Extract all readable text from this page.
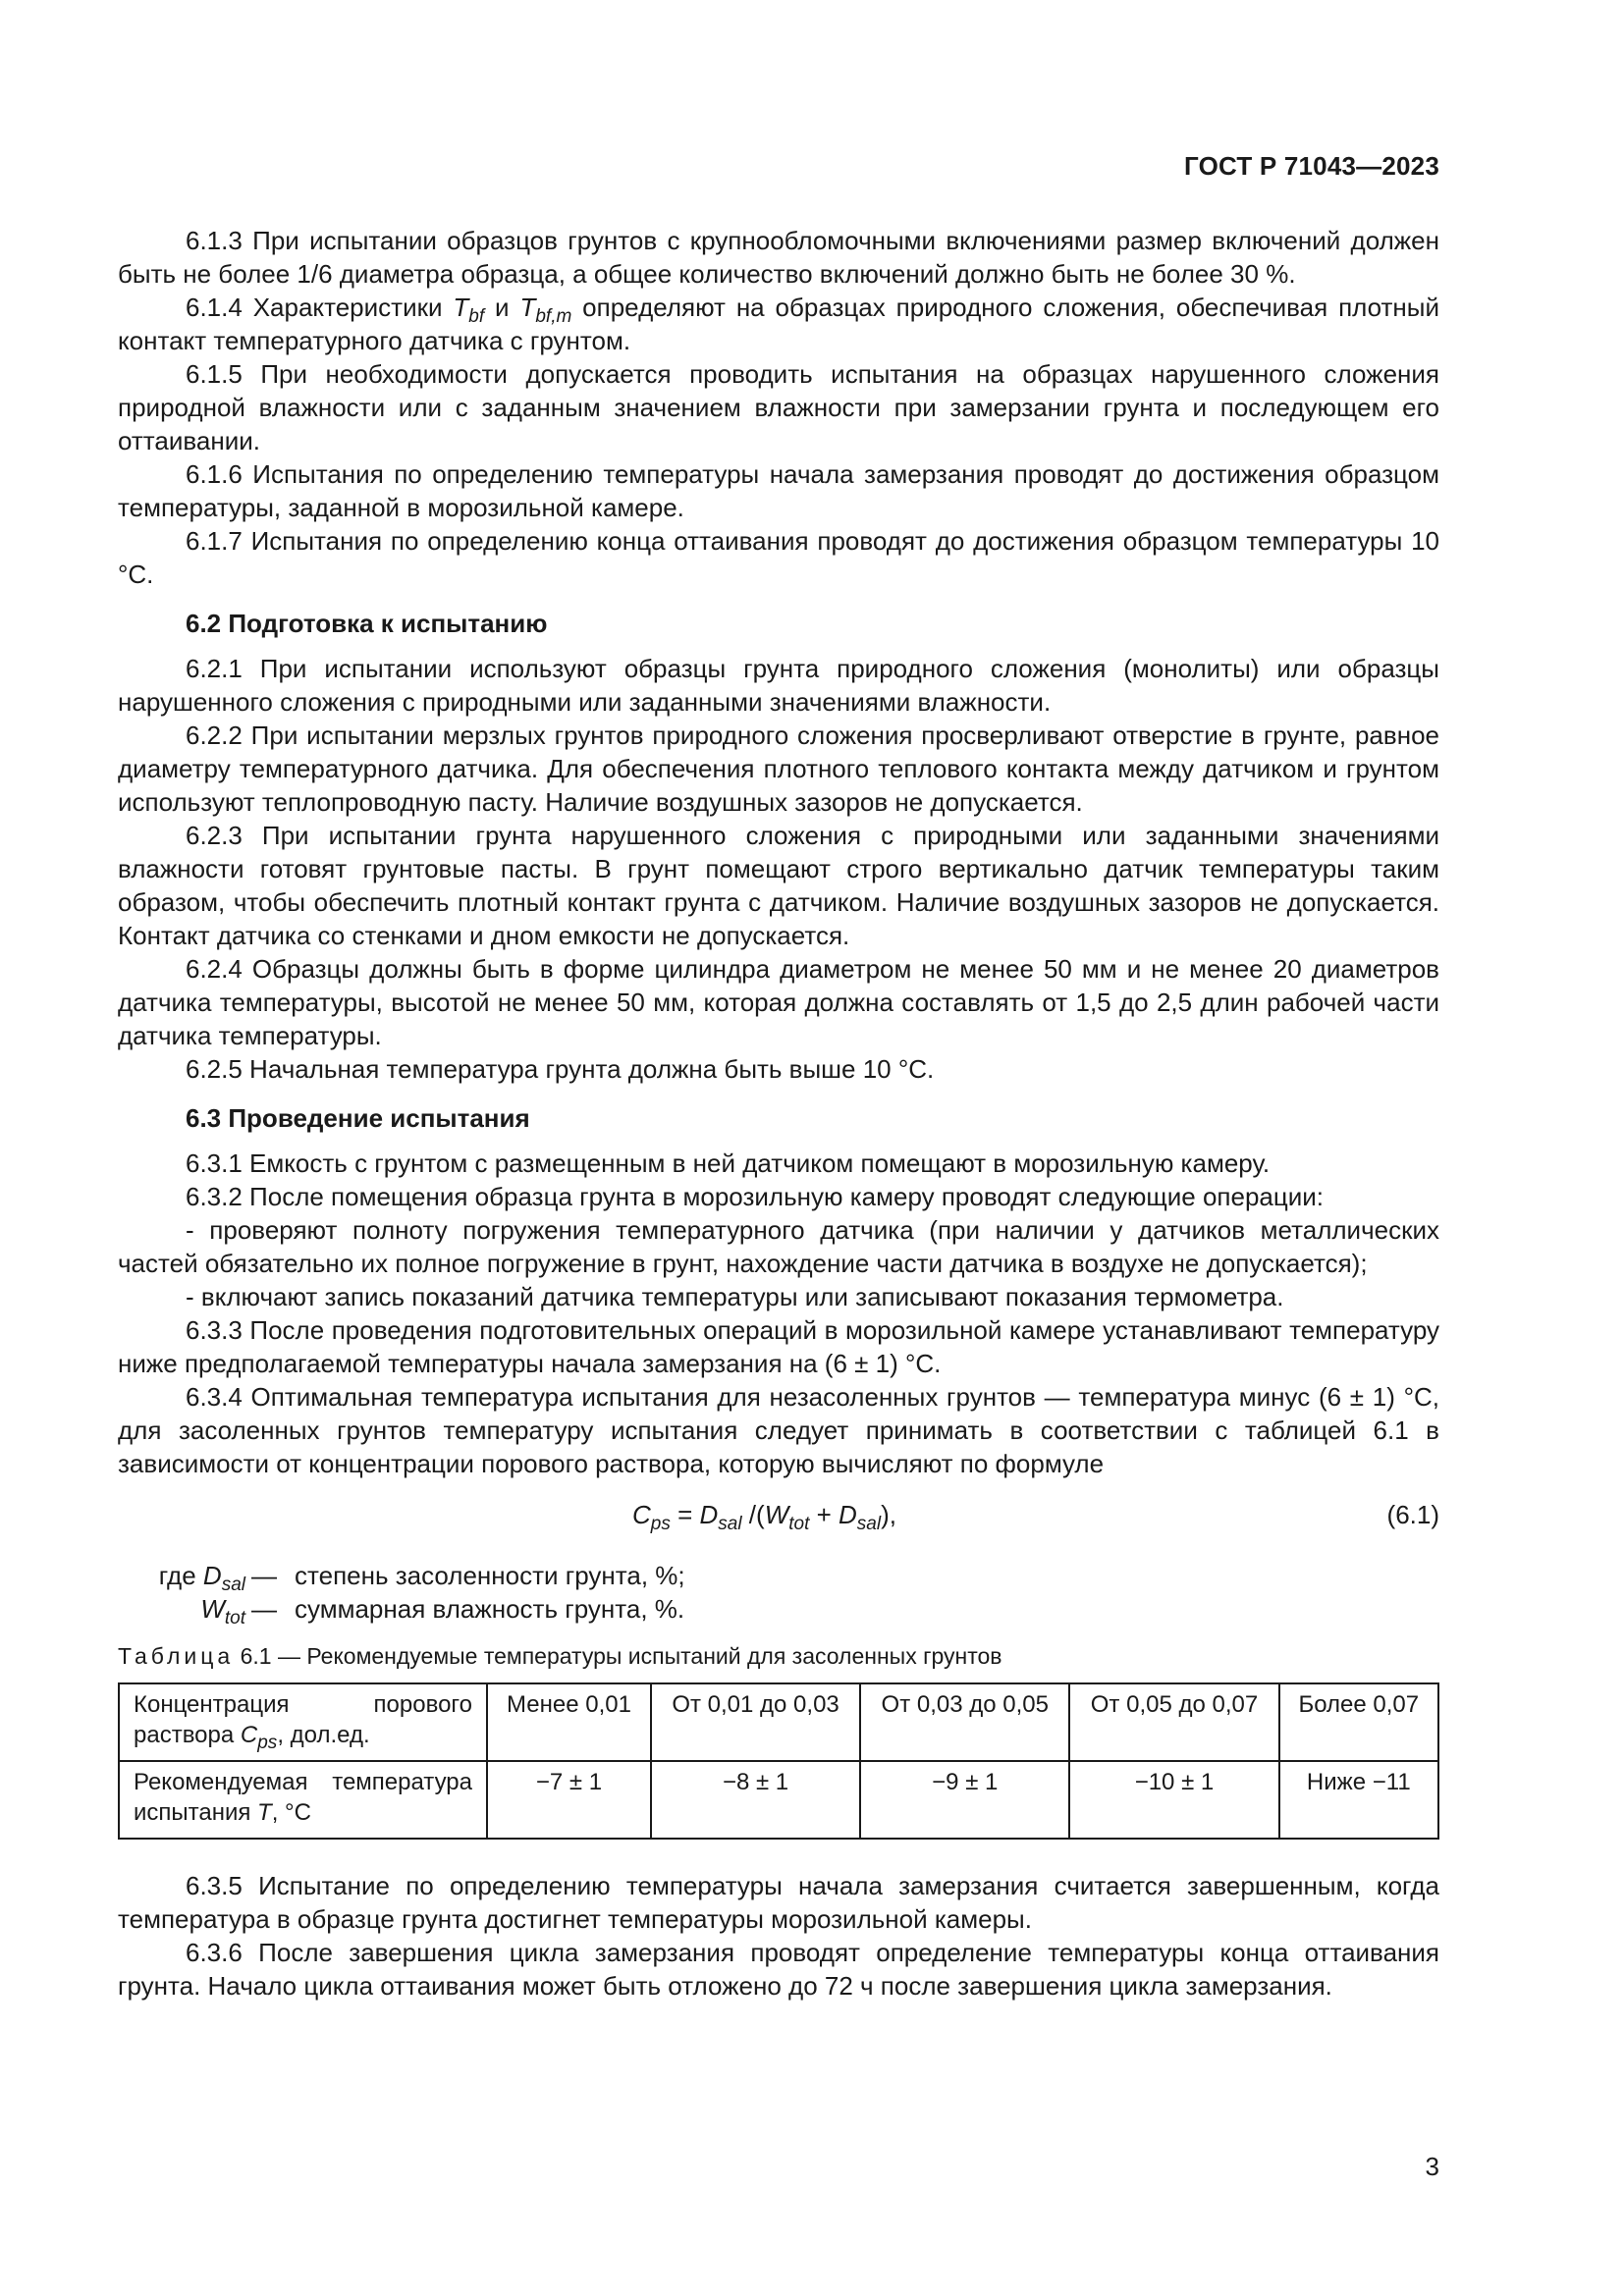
ГОСТ Р 71043—2023

6.1.3 При испытании образцов грунтов с крупнообломочными включениями размер включений должен быть не более 1/6 диаметра образца, а общее количество включений должно быть не более 30 %.

6.1.4 Характеристики $T_{bf}$ и $T_{bf,m}$ определяют на образцах природного сложения, обеспечивая плотный контакт температурного датчика с грунтом.

6.1.5 При необходимости допускается проводить испытания на образцах нарушенного сложения природной влажности или с заданным значением влажности при замерзании грунта и последующем его оттаивании.

6.1.6 Испытания по определению температуры начала замерзания проводят до достижения образцом температуры, заданной в морозильной камере.

6.1.7 Испытания по определению конца оттаивания проводят до достижения образцом температуры 10 °С.

6.2 Подготовка к испытанию

6.2.1 При испытании используют образцы грунта природного сложения (монолиты) или образцы нарушенного сложения с природными или заданными значениями влажности.

6.2.2 При испытании мерзлых грунтов природного сложения просверливают отверстие в грунте, равное диаметру температурного датчика. Для обеспечения плотного теплового контакта между датчиком и грунтом используют теплопроводную пасту. Наличие воздушных зазоров не допускается.

6.2.3 При испытании грунта нарушенного сложения с природными или заданными значениями влажности готовят грунтовые пасты. В грунт помещают строго вертикально датчик температуры таким образом, чтобы обеспечить плотный контакт грунта с датчиком. Наличие воздушных зазоров не допускается. Контакт датчика со стенками и дном емкости не допускается.

6.2.4 Образцы должны быть в форме цилиндра диаметром не менее 50 мм и не менее 20 диаметров датчика температуры, высотой не менее 50 мм, которая должна составлять от 1,5 до 2,5 длин рабочей части датчика температуры.

6.2.5 Начальная температура грунта должна быть выше 10 °С.

6.3 Проведение испытания

6.3.1 Емкость с грунтом с размещенным в ней датчиком помещают в морозильную камеру.

6.3.2 После помещения образца грунта в морозильную камеру проводят следующие операции:

- проверяют полноту погружения температурного датчика (при наличии у датчиков металлических частей обязательно их полное погружение в грунт, нахождение части датчика в воздухе не допускается);

- включают запись показаний датчика температуры или записывают показания термометра.

6.3.3 После проведения подготовительных операций в морозильной камере устанавливают температуру ниже предполагаемой температуры начала замерзания на (6 ± 1) °С.

6.3.4 Оптимальная температура испытания для незасоленных грунтов — температура минус (6 ± 1) °С, для засоленных грунтов температуру испытания следует принимать в соответствии с таблицей 6.1 в зависимости от концентрации порового раствора, которую вычисляют по формуле

$C_{ps} = D_{sal}$ $/(W_{tot} + D_{sal})$,	(6.1)
где $D_{sal}$ — степень засоленности грунта, %;
$W_{tot}$ — суммарная влажность грунта, %.
Таблица 6.1 — Рекомендуемые температуры испытаний для засоленных грунтов
Концентрация порового раствора $C_{ps}$, дол.ед.	Менее 0,01	От 0,01 до 0,03	От 0,03 до 0,05	От 0,05 до 0,07	Более 0,07
Рекомендуемая температура испытания T, °С	−7 ± 1	−8 ± 1	−9 ± 1	−10 ± 1	Ниже −11

6.3.5 Испытание по определению температуры начала замерзания считается завершенным, когда температура в образце грунта достигнет температуры морозильной камеры.

6.3.6 После завершения цикла замерзания проводят определение температуры конца оттаивания грунта. Начало цикла оттаивания может быть отложено до 72 ч после завершения цикла замерзания.

3
